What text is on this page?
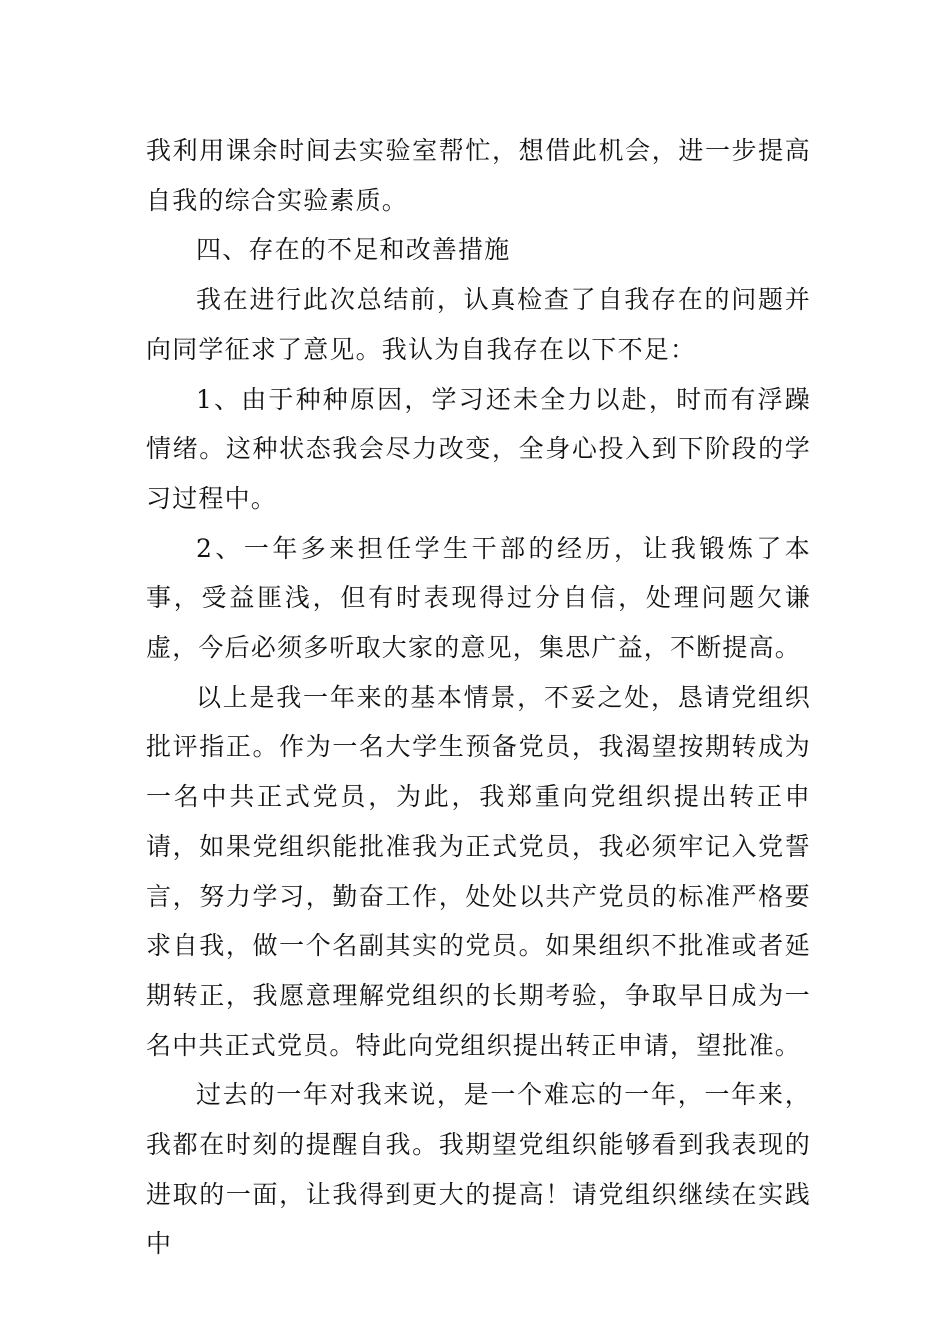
我利用课余时间去实验室帮忙，想借此机会，进一步提高自我的综合实验素质。

四、存在的不足和改善措施

我在进行此次总结前，认真检查了自我存在的问题并向同学征求了意见。我认为自我存在以下不足：

1、由于种种原因，学习还未全力以赴，时而有浮躁情绪。这种状态我会尽力改变，全身心投入到下阶段的学习过程中。

2、一年多来担任学生干部的经历，让我锻炼了本事，受益匪浅，但有时表现得过分自信，处理问题欠谦虚，今后必须多听取大家的意见，集思广益，不断提高。

以上是我一年来的基本情景，不妥之处，恳请党组织批评指正。作为一名大学生预备党员，我渴望按期转成为一名中共正式党员，为此，我郑重向党组织提出转正申请，如果党组织能批准我为正式党员，我必须牢记入党誓言，努力学习，勤奋工作，处处以共产党员的标准严格要求自我，做一个名副其实的党员。如果组织不批准或者延期转正，我愿意理解党组织的长期考验，争取早日成为一名中共正式党员。特此向党组织提出转正申请，望批准。

过去的一年对我来说，是一个难忘的一年，一年来，我都在时刻的提醒自我。我期望党组织能够看到我表现的进取的一面，让我得到更大的提高！请党组织继续在实践中
